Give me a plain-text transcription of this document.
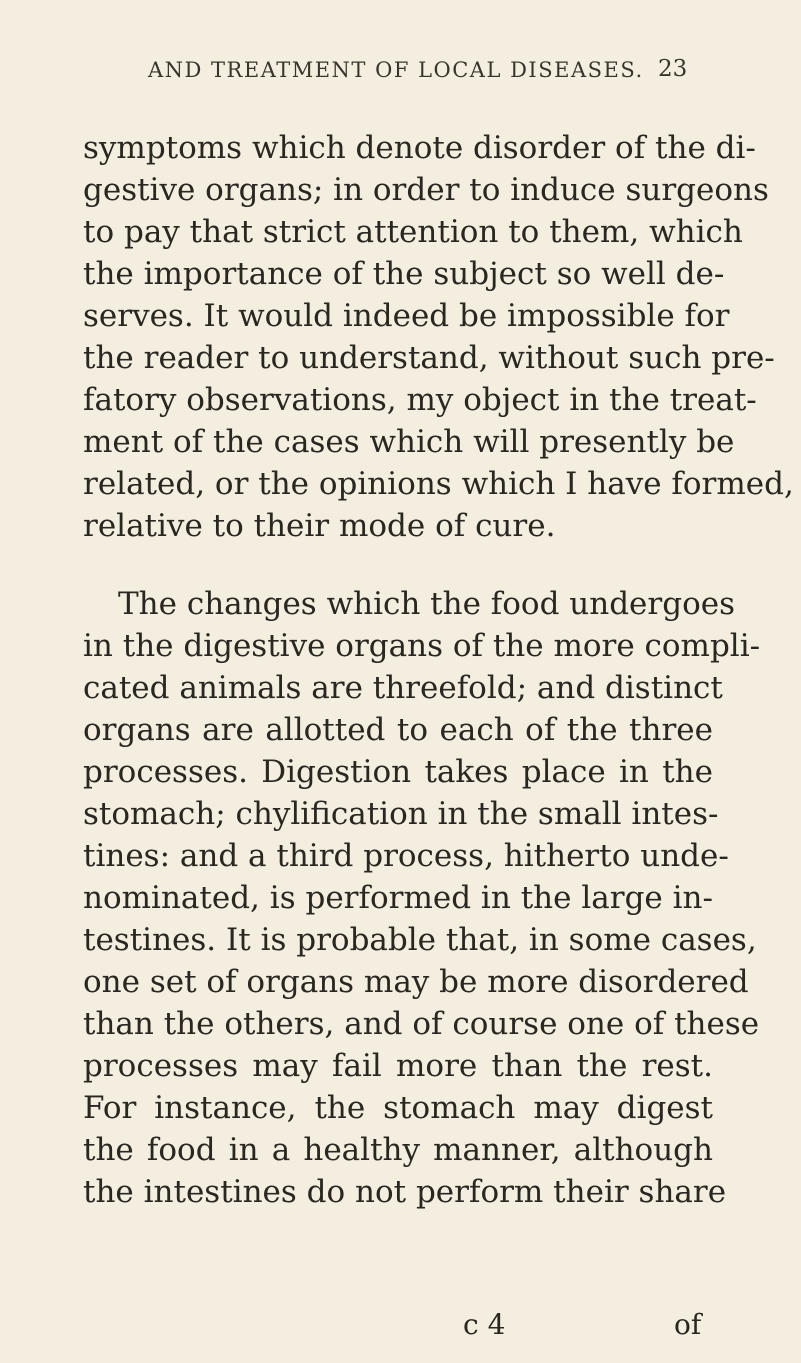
AND TREATMENT OF LOCAL DISEASES. 23
symptoms which denote disorder of the di-
gestive organs; in order to induce surgeons
to pay that strict attention to them, which
the importance of the subject so well de-
serves. It would indeed be impossible for
the reader to understand, without such pre-
fatory observations, my object in the treat-
ment of the cases which will presently be
related, or the opinions which I have formed,
relative to their mode of cure.
The changes which the food undergoes
in the digestive organs of the more compli-
cated animals are threefold; and distinct
organs are allotted to each of the three
processes. Digestion takes place in the
stomach; chylification in the small intes-
tines: and a third process, hitherto unde-
nominated, is performed in the large in-
testines. It is probable that, in some cases,
one set of organs may be more disordered
than the others, and of course one of these
processes may fail more than the rest.
For instance, the stomach may digest
the food in a healthy manner, although
the intestines do not perform their share
c 4	of
